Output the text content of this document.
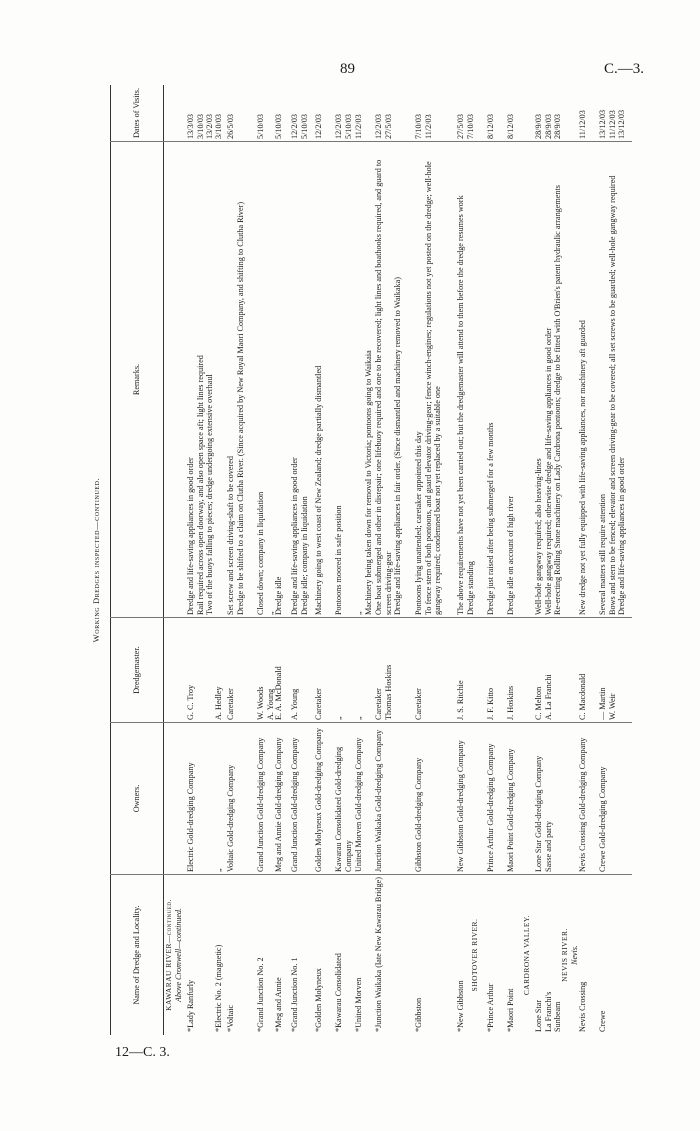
89	C.—3.
12—C. 3.
Working Dredges inspected—continued.
Name of Dredge and Locality.
Owners.
Dredgemaster.
Remarks.
Dates of Visits.
KAWARAU RIVER—continued. Above Cromwell—continued.
*Lady Ranfurly
Electric Gold-dredging Company
G. C. Troy
Dredge and life-saving appliances in good order
Rail required across open doorway, and also open space aft; light lines required
Two of the buoys falling to pieces; dredge undergoing extensive overhaul
13/3/03
3/10/03
13/2/03
*Electric No. 2 (magnetic)
„
A. Hedley
3/10/03
*Voltaic
Voltaic Gold-dredging Company
Caretaker
Set screw and screen driving-shaft to be covered
Dredge to be shifted to a claim on Clutha River. (Since acquired by New Royal Maori Company, and shifting to Clutha River)
26/5/03
*Grand Junction No. 2
Grand Junction Gold-dredging Company
W. Woods
A. Young
Closed down; company in liquidation
„
5/10/03
*Meg and Annie
Meg and Annie Gold-dredging Company
E. A. McDonald
Dredge idle
5/10/03
*Grand Junction No. 1
Grand Junction Gold-dredging Company
A. Young
Dredge and life-saving appliances in good order
Dredge idle; company in liquidation
12/2/03
5/10/03
*Golden Molyneux
Golden Molyneux Gold-dredging Company
Caretaker
Machinery going to west coast of New Zealand; dredge partially dismantled
12/2/03
*Kawarau Consolidated
Kawarau Consolidated Gold-dredging Company
„
Pontoons moored in safe position
12/2/03
5/10/03
*United Morven
United Morven Gold-dredging Company
„
„
Machinery being taken down for removal to Victoria; pontoons going to Waikaia
11/2/03
*Junction Waikaka (late New Kawarau Bridge)
Junction Waikaka Gold-dredging Company
Caretaker
Thomas Hoskins
One boat submerged and other in disrepair; one lifebuoy required and one to be recovered; light lines and boathooks required, and guard to screen driving-gear
Dredge and life-saving appliances in fair order. (Since dismantled and machinery removed to Waikaka)
12/2/03
27/5/03
*Gibbston
Gibbston Gold-dredging Company
Caretaker
Pontoons lying unattended; caretaker appointed this day
To fence stern of both pontoons, and guard elevator driving-gear; fence winch-engines; regulations not yet posted on the dredge; well-hole gangway required; condemned boat not yet replaced by a suitable one
7/10/03
11/2/03
*New Gibbston
New Gibbston Gold-dredging Company
J. S. Ritchie
The above requirements have not yet been carried out; but the dredgemaster will attend to them before the dredge resumes work
Dredge standing
27/5/03
7/10/03
SHOTOVER RIVER.
*Prince Arthur
Prince Arthur Gold-dredging Company
J. F. Kitto
Dredge just raised after being submerged for a few months
8/12/03
*Maori Point
Maori Point Gold-dredging Company
J. Hoskins
Dredge idle on account of high river
8/12/03
CARDRONA VALLEY.
Lone Star
La Franchi's
Sunbeam
Lone Star Gold-dredging Company
Sasse and party
C. Melton
A. La Franchi
Well-hole gangway required; also heaving-lines
Well-hole gangway required; otherwise dredge and life-saving appliances in good order
Re-erecting Rolling Stone machinery on Lady Cardrona pontoons; dredge to be fitted with O'Brien's patent hydraulic arrangements
28/9/03
28/9/03
28/9/03
NEVIS RIVER. Nevis.
Nevis Crossing
Nevis Crossing Gold-dredging Company
C. Macdonald
New dredge not yet fully equipped with life-saving appliances, nor machinery aft guarded
11/12/03
Crewe
Crewe Gold-dredging Company
— Martin
W. Weir
Several matters still require attention
Bows and stern to be fenced; elevator and screen driving-gear to be covered; all set screws to be guarded; well-hole gangway required
Dredge and life-saving appliances in good order
13/12/03
11/12/03
13/12/03
